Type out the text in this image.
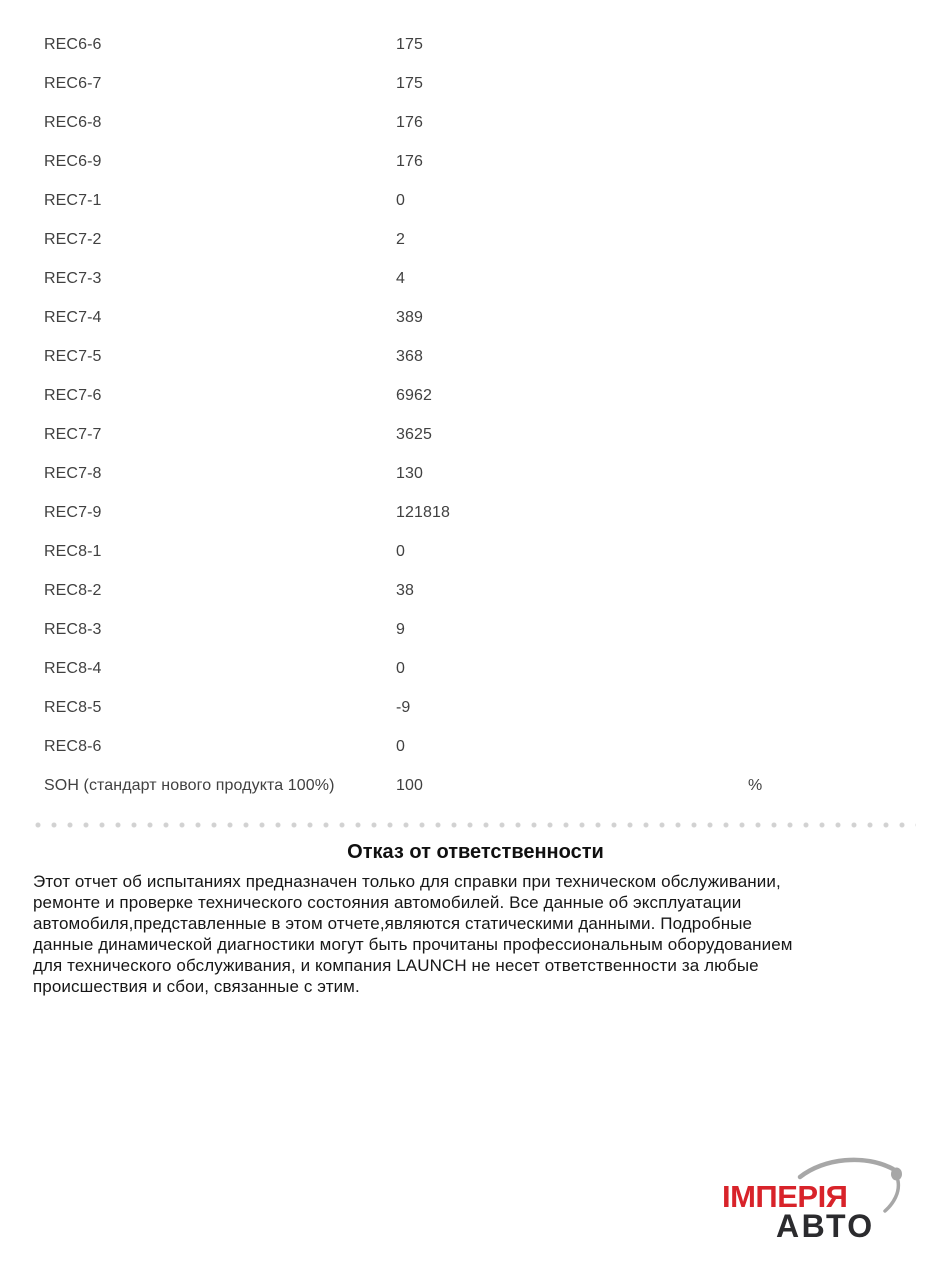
REC6-6	175
REC6-7	175
REC6-8	176
REC6-9	176
REC7-1	0
REC7-2	2
REC7-3	4
REC7-4	389
REC7-5	368
REC7-6	6962
REC7-7	3625
REC7-8	130
REC7-9	121818
REC8-1	0
REC8-2	38
REC8-3	9
REC8-4	0
REC8-5	-9
REC8-6	0
SOH (стандарт нового продукта 100%)	100	%
Отказ от ответственности
Этот отчет об испытаниях предназначен только для справки при техническом обслуживании,
ремонте и проверке технического состояния автомобилей. Все данные об эксплуатации
автомобиля,представленные в этом отчете,являются статическими данными. Подробные
данные динамической диагностики могут быть прочитаны профессиональным оборудованием
для технического обслуживания, и компания LAUNCH не несет ответственности за любые
происшествия и сбои, связанные с этим.
ІМПЕРІЯ
АВТО
